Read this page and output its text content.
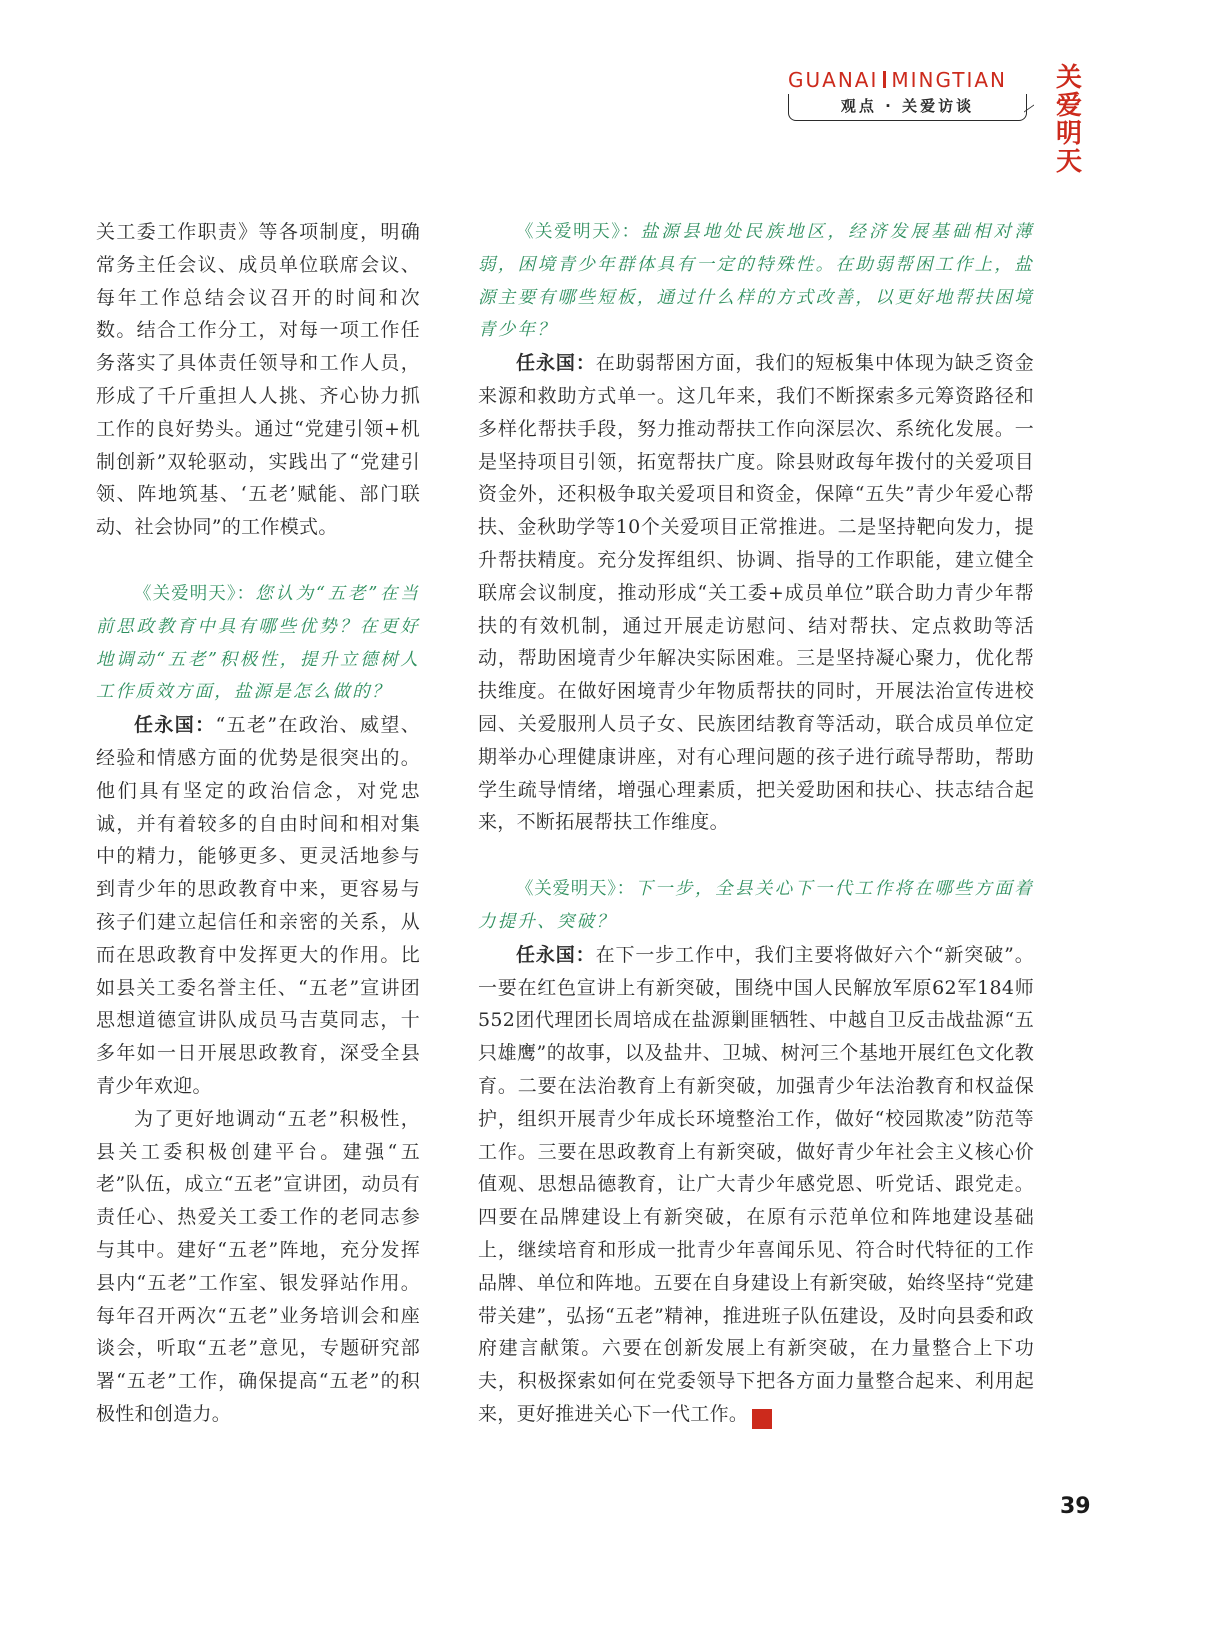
GUANAI MINGTIAN
观点 · 关爱访谈
关爱
明天

关工委工作职责》等各项制度，明确常务主任会议、成员单位联席会议、每年工作总结会议召开的时间和次数。结合工作分工，对每一项工作任务落实了具体责任领导和工作人员，形成了千斤重担人人挑、齐心协力抓工作的良好势头。通过“党建引领+机制创新”双轮驱动，实践出了“党建引领、阵地筑基、‘五老’赋能、部门联动、社会协同”的工作模式。

《关爱明天》：您认为“五老”在当前思政教育中具有哪些优势？在更好地调动“五老”积极性，提升立德树人工作质效方面，盐源是怎么做的？

任永国：“五老”在政治、威望、经验和情感方面的优势是很突出的。他们具有坚定的政治信念，对党忠诚，并有着较多的自由时间和相对集中的精力，能够更多、更灵活地参与到青少年的思政教育中来，更容易与孩子们建立起信任和亲密的关系，从而在思政教育中发挥更大的作用。比如县关工委名誉主任、“五老”宣讲团思想道德宣讲队成员马吉莫同志，十多年如一日开展思政教育，深受全县青少年欢迎。

为了更好地调动“五老”积极性，县关工委积极创建平台。建强“五老”队伍，成立“五老”宣讲团，动员有责任心、热爱关工委工作的老同志参与其中。建好“五老”阵地，充分发挥县内“五老”工作室、银发驿站作用。每年召开两次“五老”业务培训会和座谈会，听取“五老”意见，专题研究部署“五老”工作，确保提高“五老”的积极性和创造力。

《关爱明天》：盐源县地处民族地区，经济发展基础相对薄弱，困境青少年群体具有一定的特殊性。在助弱帮困工作上，盐源主要有哪些短板，通过什么样的方式改善，以更好地帮扶困境青少年？

任永国：在助弱帮困方面，我们的短板集中体现为缺乏资金来源和救助方式单一。这几年来，我们不断探索多元筹资路径和多样化帮扶手段，努力推动帮扶工作向深层次、系统化发展。一是坚持项目引领，拓宽帮扶广度。除县财政每年拨付的关爱项目资金外，还积极争取关爱项目和资金，保障“五失”青少年爱心帮扶、金秋助学等10个关爱项目正常推进。二是坚持靶向发力，提升帮扶精度。充分发挥组织、协调、指导的工作职能，建立健全联席会议制度，推动形成“关工委+成员单位”联合助力青少年帮扶的有效机制，通过开展走访慰问、结对帮扶、定点救助等活动，帮助困境青少年解决实际困难。三是坚持凝心聚力，优化帮扶维度。在做好困境青少年物质帮扶的同时，开展法治宣传进校园、关爱服刑人员子女、民族团结教育等活动，联合成员单位定期举办心理健康讲座，对有心理问题的孩子进行疏导帮助，帮助学生疏导情绪，增强心理素质，把关爱助困和扶心、扶志结合起来，不断拓展帮扶工作维度。

《关爱明天》：下一步，全县关心下一代工作将在哪些方面着力提升、突破？

任永国：在下一步工作中，我们主要将做好六个“新突破”。一要在红色宣讲上有新突破，围绕中国人民解放军原62军184师552团代理团长周培成在盐源剿匪牺牲、中越自卫反击战盐源“五只雄鹰”的故事，以及盐井、卫城、树河三个基地开展红色文化教育。二要在法治教育上有新突破，加强青少年法治教育和权益保护，组织开展青少年成长环境整治工作，做好“校园欺凌”防范等工作。三要在思政教育上有新突破，做好青少年社会主义核心价值观、思想品德教育，让广大青少年感党恩、听党话、跟党走。四要在品牌建设上有新突破，在原有示范单位和阵地建设基础上，继续培育和形成一批青少年喜闻乐见、符合时代特征的工作品牌、单位和阵地。五要在自身建设上有新突破，始终坚持“党建带关建”，弘扬“五老”精神，推进班子队伍建设，及时向县委和政府建言献策。六要在创新发展上有新突破，在力量整合上下功夫，积极探索如何在党委领导下把各方面力量整合起来、利用起来，更好推进关心下一代工作。	关

39
